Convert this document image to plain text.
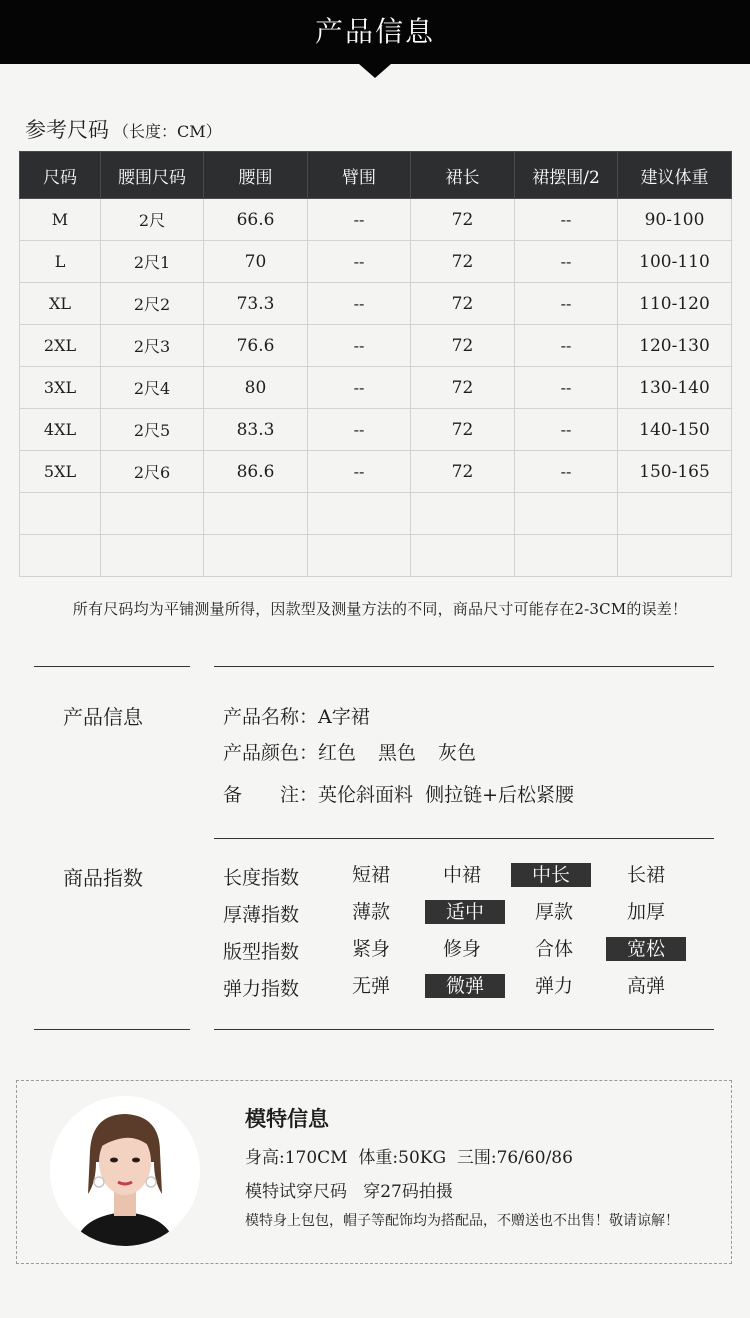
产品信息
参考尺码 （长度：CM）
尺码	腰围尺码	腰围	臂围	裙长	裙摆围/2	建议体重
M	2尺	66.6	--	72	--	90-100
L	2尺1	70	--	72	--	100-110
XL	2尺2	73.3	--	72	--	110-120
2XL	2尺3	76.6	--	72	--	120-130
3XL	2尺4	80	--	72	--	130-140
4XL	2尺5	83.3	--	72	--	140-150
5XL	2尺6	86.6	--	72	--	150-165

所有尺码均为平铺测量所得，因款型及测量方法的不同，商品尺寸可能存在2-3CM的误差！
产品信息	产品名称：A字裙
产品颜色：红色 黑色 灰色
备 注：英伦斜面料  侧拉链+后松紧腰
商品指数	长度指数	短裙	中裙	中长	长裙
厚薄指数	薄款	适中	厚款	加厚
版型指数	紧身	修身	合体	宽松
弹力指数	无弹	微弹	弹力	高弹
模特信息
身高:170CM  体重:50KG  三围:76/60/86
模特试穿尺码   穿27码拍摄
模特身上包包，帽子等配饰均为搭配品，不赠送也不出售！敬请谅解！
